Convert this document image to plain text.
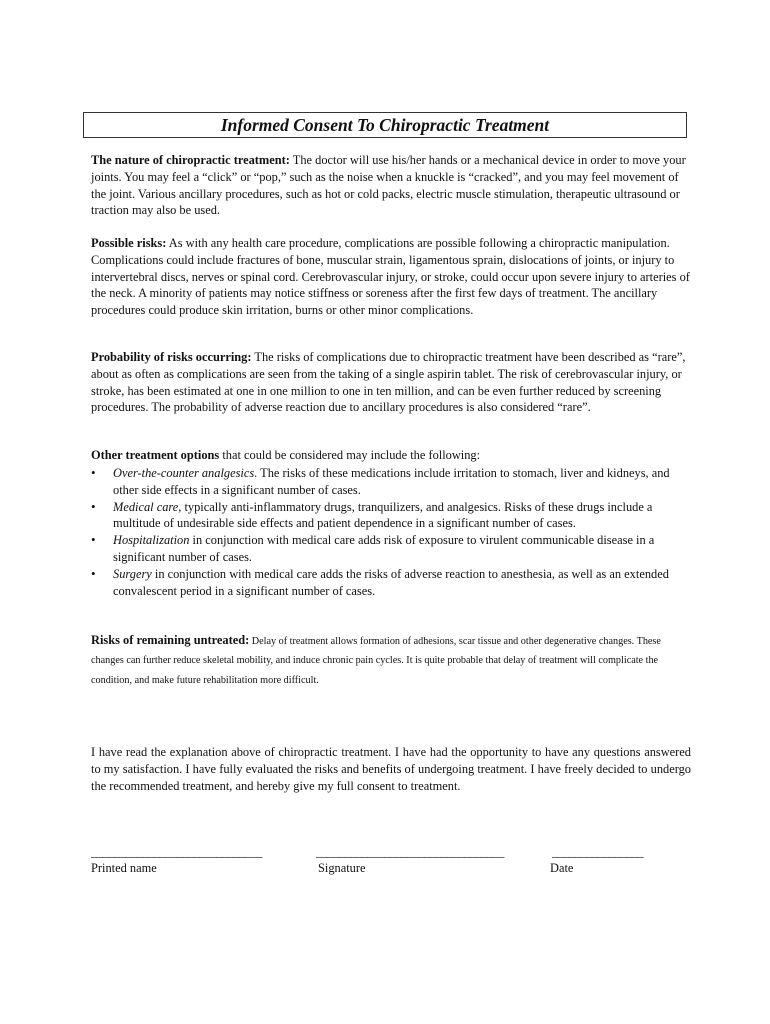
Informed Consent To Chiropractic Treatment
The nature of chiropractic treatment: The doctor will use his/her hands or a mechanical device in order to move your joints. You may feel a “click” or “pop,” such as the noise when a knuckle is “cracked”, and you may feel movement of the joint. Various ancillary procedures, such as hot or cold packs, electric muscle stimulation, therapeutic ultrasound or traction may also be used.
Possible risks: As with any health care procedure, complications are possible following a chiropractic manipulation. Complications could include fractures of bone, muscular strain, ligamentous sprain, dislocations of joints, or injury to intervertebral discs, nerves or spinal cord. Cerebrovascular injury, or stroke, could occur upon severe injury to arteries of the neck. A minority of patients may notice stiffness or soreness after the first few days of treatment. The ancillary procedures could produce skin irritation, burns or other minor complications.
Probability of risks occurring: The risks of complications due to chiropractic treatment have been described as “rare”, about as often as complications are seen from the taking of a single aspirin tablet. The risk of cerebrovascular injury, or stroke, has been estimated at one in one million to one in ten million, and can be even further reduced by screening procedures. The probability of adverse reaction due to ancillary procedures is also considered “rare”.
Other treatment options that could be considered may include the following:
• Over-the-counter analgesics. The risks of these medications include irritation to stomach, liver and kidneys, and other side effects in a significant number of cases.
• Medical care, typically anti-inflammatory drugs, tranquilizers, and analgesics. Risks of these drugs include a multitude of undesirable side effects and patient dependence in a significant number of cases.
• Hospitalization in conjunction with medical care adds risk of exposure to virulent communicable disease in a significant number of cases.
• Surgery in conjunction with medical care adds the risks of adverse reaction to anesthesia, as well as an extended convalescent period in a significant number of cases.
Risks of remaining untreated: Delay of treatment allows formation of adhesions, scar tissue and other degenerative changes. These changes can further reduce skeletal mobility, and induce chronic pain cycles. It is quite probable that delay of treatment will complicate the condition, and make future rehabilitation more difficult.
I have read the explanation above of chiropractic treatment. I have had the opportunity to have any questions answered to my satisfaction. I have fully evaluated the risks and benefits of undergoing treatment. I have freely decided to undergo the recommended treatment, and hereby give my full consent to treatment.
______________________________	_________________________________	________________
Printed name	Signature	Date
